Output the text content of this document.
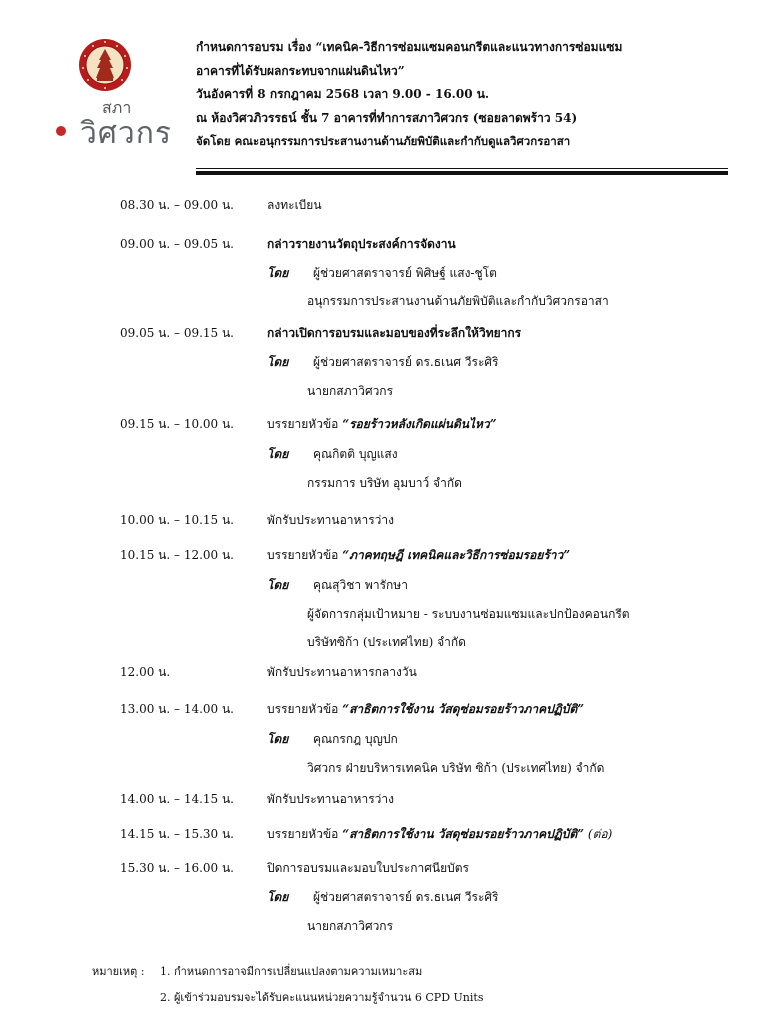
สภา
วิศวกร
กำหนดการอบรม เรื่อง “เทคนิค-วิธีการซ่อมแซมคอนกรีตและแนวทางการซ่อมแซม
อาคารที่ได้รับผลกระทบจากแผ่นดินไหว”
วันอังคารที่ 8 กรกฎาคม 2568 เวลา 9.00 - 16.00 น.
ณ ห้องวิศวภิวรรธน์ ชั้น 7 อาคารที่ทำการสภาวิศวกร (ซอยลาดพร้าว 54)
จัดโดย คณะอนุกรรมการประสานงานด้านภัยพิบัติและกำกับดูแลวิศวกรอาสา
08.30 น. – 09.00 น.	ลงทะเบียน
09.00 น. – 09.05 น.	กล่าวรายงานวัตถุประสงค์การจัดงาน
โดย ผู้ช่วยศาสตราจารย์ พิศิษฐ์ แสง-ชูโต
อนุกรรมการประสานงานด้านภัยพิบัติและกำกับวิศวกรอาสา
09.05 น. – 09.15 น.	กล่าวเปิดการอบรมและมอบของที่ระลึกให้วิทยากร
โดย ผู้ช่วยศาสตราจารย์ ดร.ธเนศ วีระศิริ
นายกสภาวิศวกร
09.15 น. – 10.00 น.	บรรยายหัวข้อ “รอยร้าวหลังเกิดแผ่นดินไหว”
โดย คุณกิตติ บุญแสง
กรรมการ บริษัท อุมบาว์ จำกัด
10.00 น. – 10.15 น.	พักรับประทานอาหารว่าง
10.15 น. – 12.00 น.	บรรยายหัวข้อ “ภาคทฤษฎี เทคนิคและวิธีการซ่อมรอยร้าว”
โดย คุณสุวิชา พารักษา
ผู้จัดการกลุ่มเป้าหมาย - ระบบงานซ่อมแซมและปกป้องคอนกรีต
บริษัทซิก้า (ประเทศไทย) จำกัด
12.00 น.	พักรับประทานอาหารกลางวัน
13.00 น. – 14.00 น.	บรรยายหัวข้อ “สาธิตการใช้งาน วัสดุซ่อมรอยร้าวภาคปฏิบัติ”
โดย คุณกรกฎ บุญปก
วิศวกร ฝ่ายบริหารเทคนิค บริษัท ซิก้า (ประเทศไทย) จำกัด
14.00 น. – 14.15 น.	พักรับประทานอาหารว่าง
14.15 น. – 15.30 น.	บรรยายหัวข้อ “สาธิตการใช้งาน วัสดุซ่อมรอยร้าวภาคปฏิบัติ” (ต่อ)
15.30 น. – 16.00 น.	ปิดการอบรมและมอบใบประกาศนียบัตร
โดย ผู้ช่วยศาสตราจารย์ ดร.ธเนศ วีระศิริ
นายกสภาวิศวกร
หมายเหตุ : 1. กำหนดการอาจมีการเปลี่ยนแปลงตามความเหมาะสม
2. ผู้เข้าร่วมอบรมจะได้รับคะแนนหน่วยความรู้จำนวน 6 CPD Units
